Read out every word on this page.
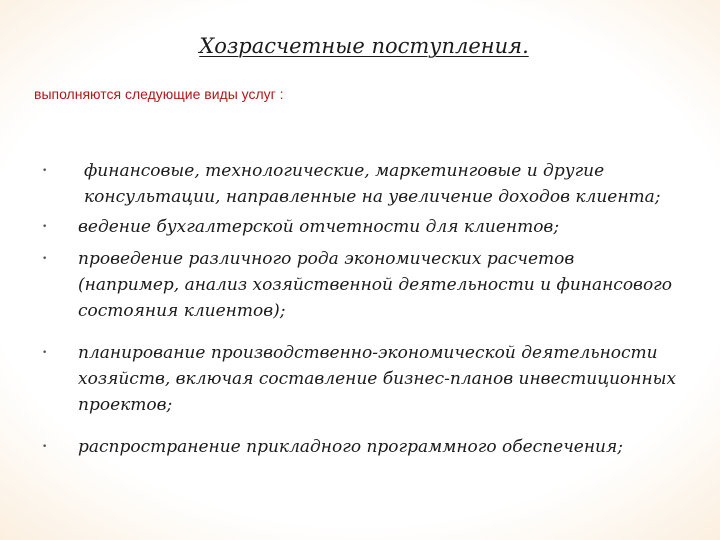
Хозрасчетные поступления.

выполняются следующие виды услуг :

• финансовые, технологические, маркетинговые и другие консультации, направленные на увеличение доходов клиента;
• ведение бухгалтерской отчетности для клиентов;
• проведение различного рода экономических расчетов (например, анализ хозяйственной деятельности и финансового состояния клиентов);
• планирование производственно-экономической деятельности хозяйств, включая составление бизнес-планов инвестиционных проектов;
• распространение прикладного программного обеспечения;
